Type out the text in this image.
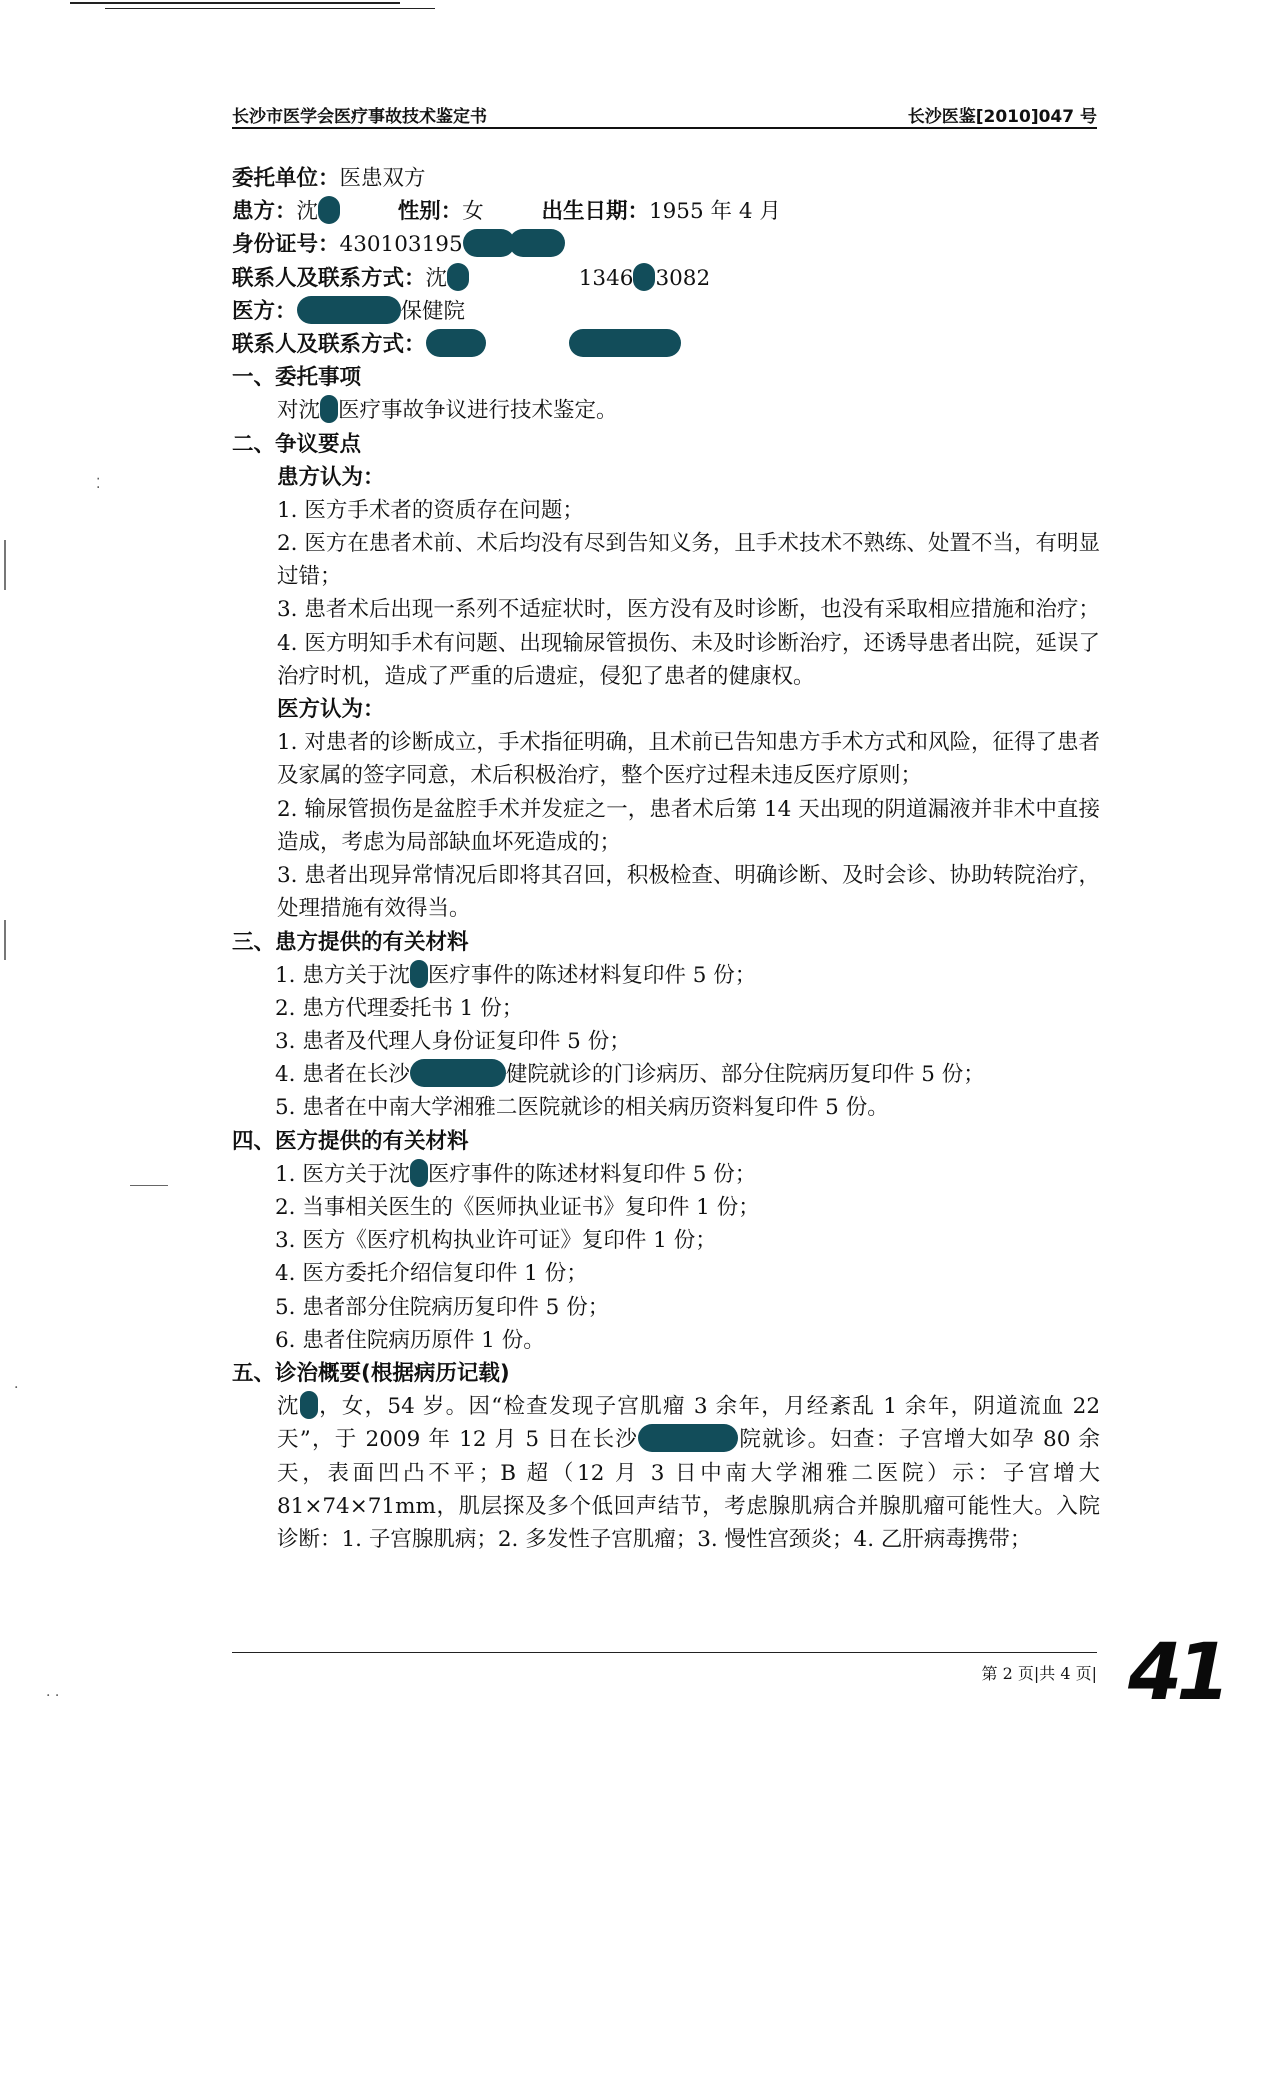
长沙市医学会医疗事故技术鉴定书	长沙医鉴[2010]047 号
委托单位：医患双方
患方：沈	性别：女	出生日期：1955 年 4 月
身份证号：430103195
联系人及联系方式：沈	1346 3082
医方：	保健院
联系人及联系方式：
一、委托事项
对沈 医疗事故争议进行技术鉴定。
二、争议要点
患方认为：
1. 医方手术者的资质存在问题；
2. 医方在患者术前、术后均没有尽到告知义务，且手术技术不熟练、处置不当，有明显过错；
3. 患者术后出现一系列不适症状时，医方没有及时诊断，也没有采取相应措施和治疗；
4. 医方明知手术有问题、出现输尿管损伤、未及时诊断治疗，还诱导患者出院，延误了治疗时机，造成了严重的后遗症，侵犯了患者的健康权。
医方认为：
1. 对患者的诊断成立，手术指征明确，且术前已告知患方手术方式和风险，征得了患者及家属的签字同意，术后积极治疗，整个医疗过程未违反医疗原则；
2. 输尿管损伤是盆腔手术并发症之一，患者术后第 14 天出现的阴道漏液并非术中直接造成，考虑为局部缺血坏死造成的；
3. 患者出现异常情况后即将其召回，积极检查、明确诊断、及时会诊、协助转院治疗，处理措施有效得当。
三、患方提供的有关材料
1. 患方关于沈 医疗事件的陈述材料复印件 5 份；
2. 患方代理委托书 1 份；
3. 患者及代理人身份证复印件 5 份；
4. 患者在长沙	健院就诊的门诊病历、部分住院病历复印件 5 份；
5. 患者在中南大学湘雅二医院就诊的相关病历资料复印件 5 份。
四、医方提供的有关材料
1. 医方关于沈 医疗事件的陈述材料复印件 5 份；
2. 当事相关医生的《医师执业证书》复印件 1 份；
3. 医方《医疗机构执业许可证》复印件 1 份；
4. 医方委托介绍信复印件 1 份；
5. 患者部分住院病历复印件 5 份；
6. 患者住院病历原件 1 份。
五、诊治概要(根据病历记载)
沈 ，女，54 岁。因“检查发现子宫肌瘤 3 余年，月经紊乱 1 余年，阴道流血 22 天”，于 2009 年 12 月 5 日在长沙	院就诊。妇查：子宫增大如孕 80 余天，表面凹凸不平；B 超（12 月 3 日中南大学湘雅二医院）示：子宫增大 81×74×71mm，肌层探及多个低回声结节，考虑腺肌病合并腺肌瘤可能性大。入院诊断：1. 子宫腺肌病；2. 多发性子宫肌瘤；3. 慢性宫颈炎；4. 乙肝病毒携带；
第 2 页|共 4 页| 41
⁚
·
· ·
